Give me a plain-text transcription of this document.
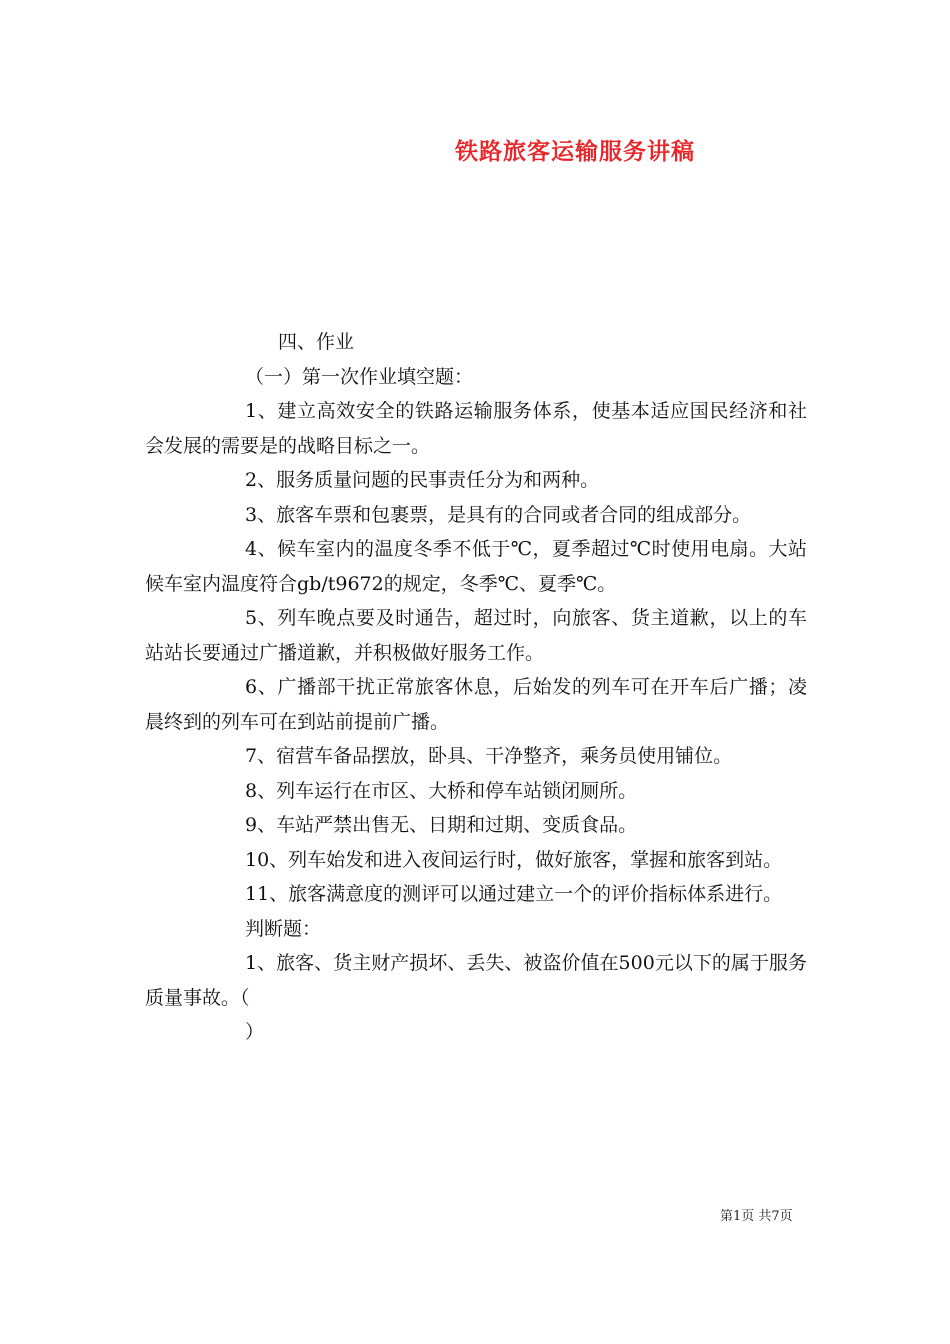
铁路旅客运输服务讲稿

四、作业

（一）第一次作业填空题：

1、建立高效安全的铁路运输服务体系，使基本适应国民经济和社会发展的需要是的战略目标之一。

2、服务质量问题的民事责任分为和两种。

3、旅客车票和包裹票，是具有的合同或者合同的组成部分。

4、候车室内的温度冬季不低于℃，夏季超过℃时使用电扇。大站候车室内温度符合gb/t9672的规定，冬季℃、夏季℃。

5、列车晚点要及时通告，超过时，向旅客、货主道歉，以上的车站站长要通过广播道歉，并积极做好服务工作。

6、广播部干扰正常旅客休息，后始发的列车可在开车后广播；凌晨终到的列车可在到站前提前广播。

7、宿营车备品摆放，卧具、干净整齐，乘务员使用铺位。

8、列车运行在市区、大桥和停车站锁闭厕所。

9、车站严禁出售无、日期和过期、变质食品。

10、列车始发和进入夜间运行时，做好旅客，掌握和旅客到站。

11、旅客满意度的测评可以通过建立一个的评价指标体系进行。

判断题：

1、旅客、货主财产损坏、丢失、被盗价值在500元以下的属于服务质量事故。（

）

第1页 共7页
